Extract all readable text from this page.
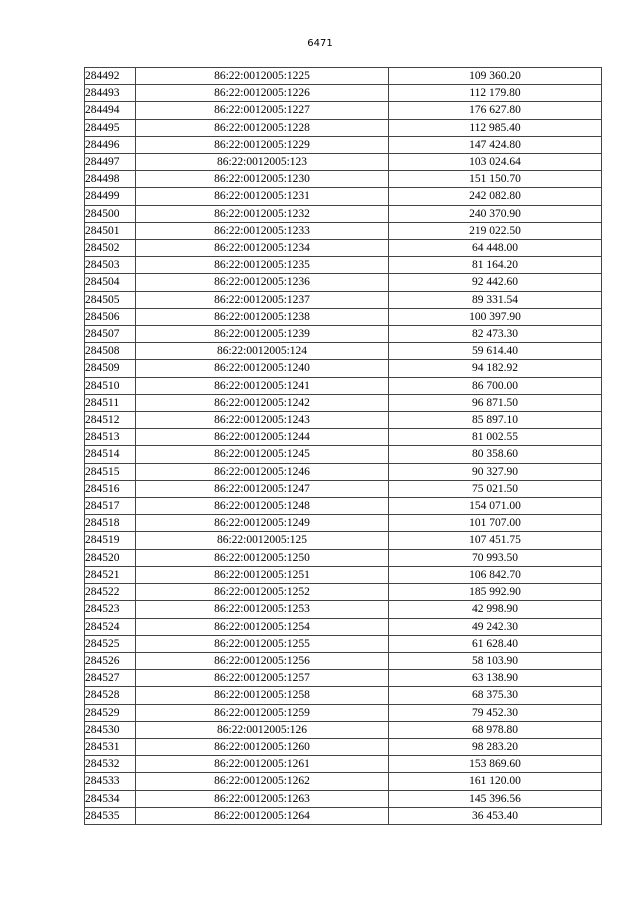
6471
284492	86:22:0012005:1225	109 360.20
284493	86:22:0012005:1226	112 179.80
284494	86:22:0012005:1227	176 627.80
284495	86:22:0012005:1228	112 985.40
284496	86:22:0012005:1229	147 424.80
284497	86:22:0012005:123	103 024.64
284498	86:22:0012005:1230	151 150.70
284499	86:22:0012005:1231	242 082.80
284500	86:22:0012005:1232	240 370.90
284501	86:22:0012005:1233	219 022.50
284502	86:22:0012005:1234	64 448.00
284503	86:22:0012005:1235	81 164.20
284504	86:22:0012005:1236	92 442.60
284505	86:22:0012005:1237	89 331.54
284506	86:22:0012005:1238	100 397.90
284507	86:22:0012005:1239	82 473.30
284508	86:22:0012005:124	59 614.40
284509	86:22:0012005:1240	94 182.92
284510	86:22:0012005:1241	86 700.00
284511	86:22:0012005:1242	96 871.50
284512	86:22:0012005:1243	85 897.10
284513	86:22:0012005:1244	81 002.55
284514	86:22:0012005:1245	80 358.60
284515	86:22:0012005:1246	90 327.90
284516	86:22:0012005:1247	75 021.50
284517	86:22:0012005:1248	154 071.00
284518	86:22:0012005:1249	101 707.00
284519	86:22:0012005:125	107 451.75
284520	86:22:0012005:1250	70 993.50
284521	86:22:0012005:1251	106 842.70
284522	86:22:0012005:1252	185 992.90
284523	86:22:0012005:1253	42 998.90
284524	86:22:0012005:1254	49 242.30
284525	86:22:0012005:1255	61 628.40
284526	86:22:0012005:1256	58 103.90
284527	86:22:0012005:1257	63 138.90
284528	86:22:0012005:1258	68 375.30
284529	86:22:0012005:1259	79 452.30
284530	86:22:0012005:126	68 978.80
284531	86:22:0012005:1260	98 283.20
284532	86:22:0012005:1261	153 869.60
284533	86:22:0012005:1262	161 120.00
284534	86:22:0012005:1263	145 396.56
284535	86:22:0012005:1264	36 453.40
